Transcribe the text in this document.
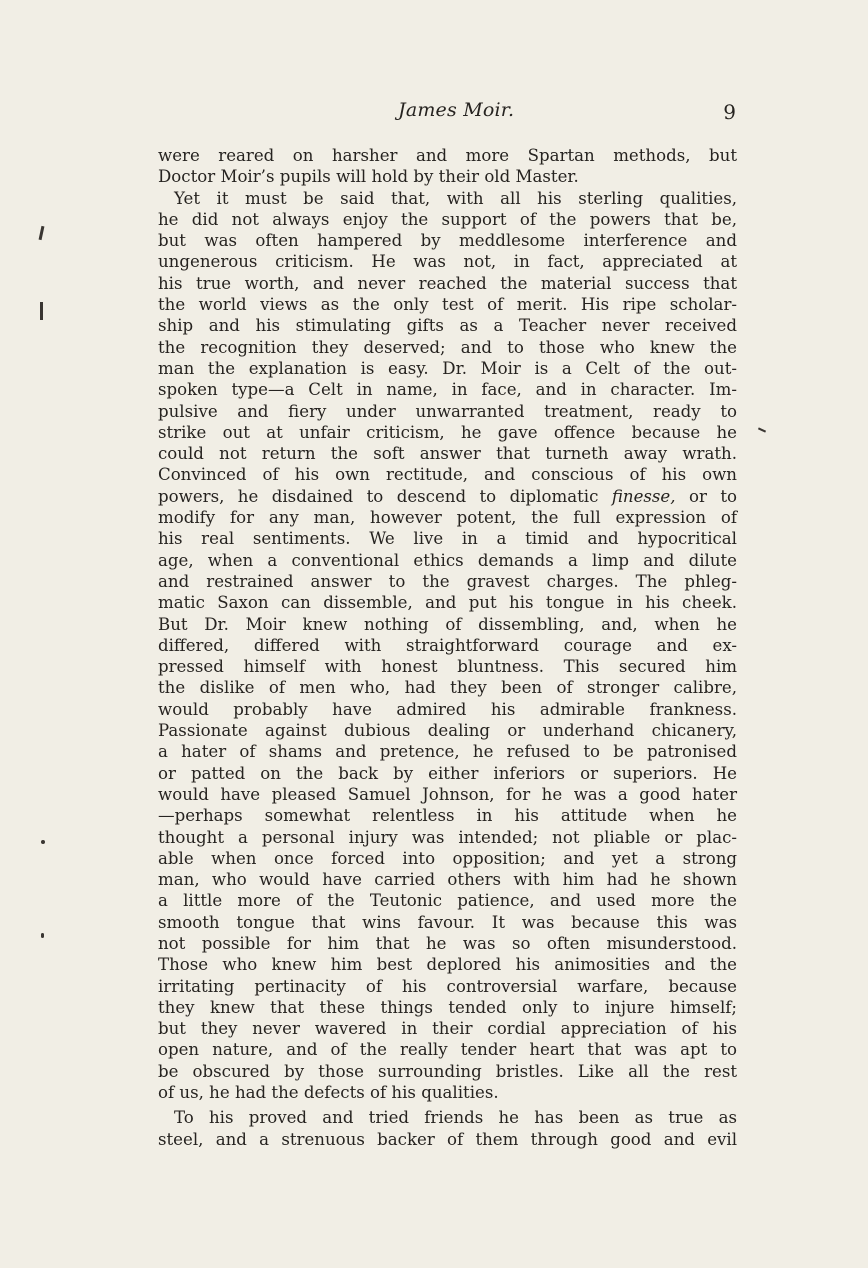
James Moir.	9
were reared on harsher and more Spartan methods, but
Doctor Moir’s pupils will hold by their old Master.
Yet it must be said that, with all his sterling qualities,
he did not always enjoy the support of the powers that be,
but was often hampered by meddlesome interference and
ungenerous criticism. He was not, in fact, appreciated at
his true worth, and never reached the material success that
the world views as the only test of merit. His ripe scholar-
ship and his stimulating gifts as a Teacher never received
the recognition they deserved; and to those who knew the
man the explanation is easy. Dr. Moir is a Celt of the out-
spoken type—a Celt in name, in face, and in character. Im-
pulsive and fiery under unwarranted treatment, ready to
strike out at unfair criticism, he gave offence because he
could not return the soft answer that turneth away wrath.
Convinced of his own rectitude, and conscious of his own
powers, he disdained to descend to diplomatic finesse, or to
modify for any man, however potent, the full expression of
his real sentiments. We live in a timid and hypocritical
age, when a conventional ethics demands a limp and dilute
and restrained answer to the gravest charges. The phleg-
matic Saxon can dissemble, and put his tongue in his cheek.
But Dr. Moir knew nothing of dissembling, and, when he
differed, differed with straightforward courage and ex-
pressed himself with honest bluntness. This secured him
the dislike of men who, had they been of stronger calibre,
would probably have admired his admirable frankness.
Passionate against dubious dealing or underhand chicanery,
a hater of shams and pretence, he refused to be patronised
or patted on the back by either inferiors or superiors. He
would have pleased Samuel Johnson, for he was a good hater
—perhaps somewhat relentless in his attitude when he
thought a personal injury was intended; not pliable or plac-
able when once forced into opposition; and yet a strong
man, who would have carried others with him had he shown
a little more of the Teutonic patience, and used more the
smooth tongue that wins favour. It was because this was
not possible for him that he was so often misunderstood.
Those who knew him best deplored his animosities and the
irritating pertinacity of his controversial warfare, because
they knew that these things tended only to injure himself;
but they never wavered in their cordial appreciation of his
open nature, and of the really tender heart that was apt to
be obscured by those surrounding bristles. Like all the rest
of us, he had the defects of his qualities.
To his proved and tried friends he has been as true as
steel, and a strenuous backer of them through good and evil
